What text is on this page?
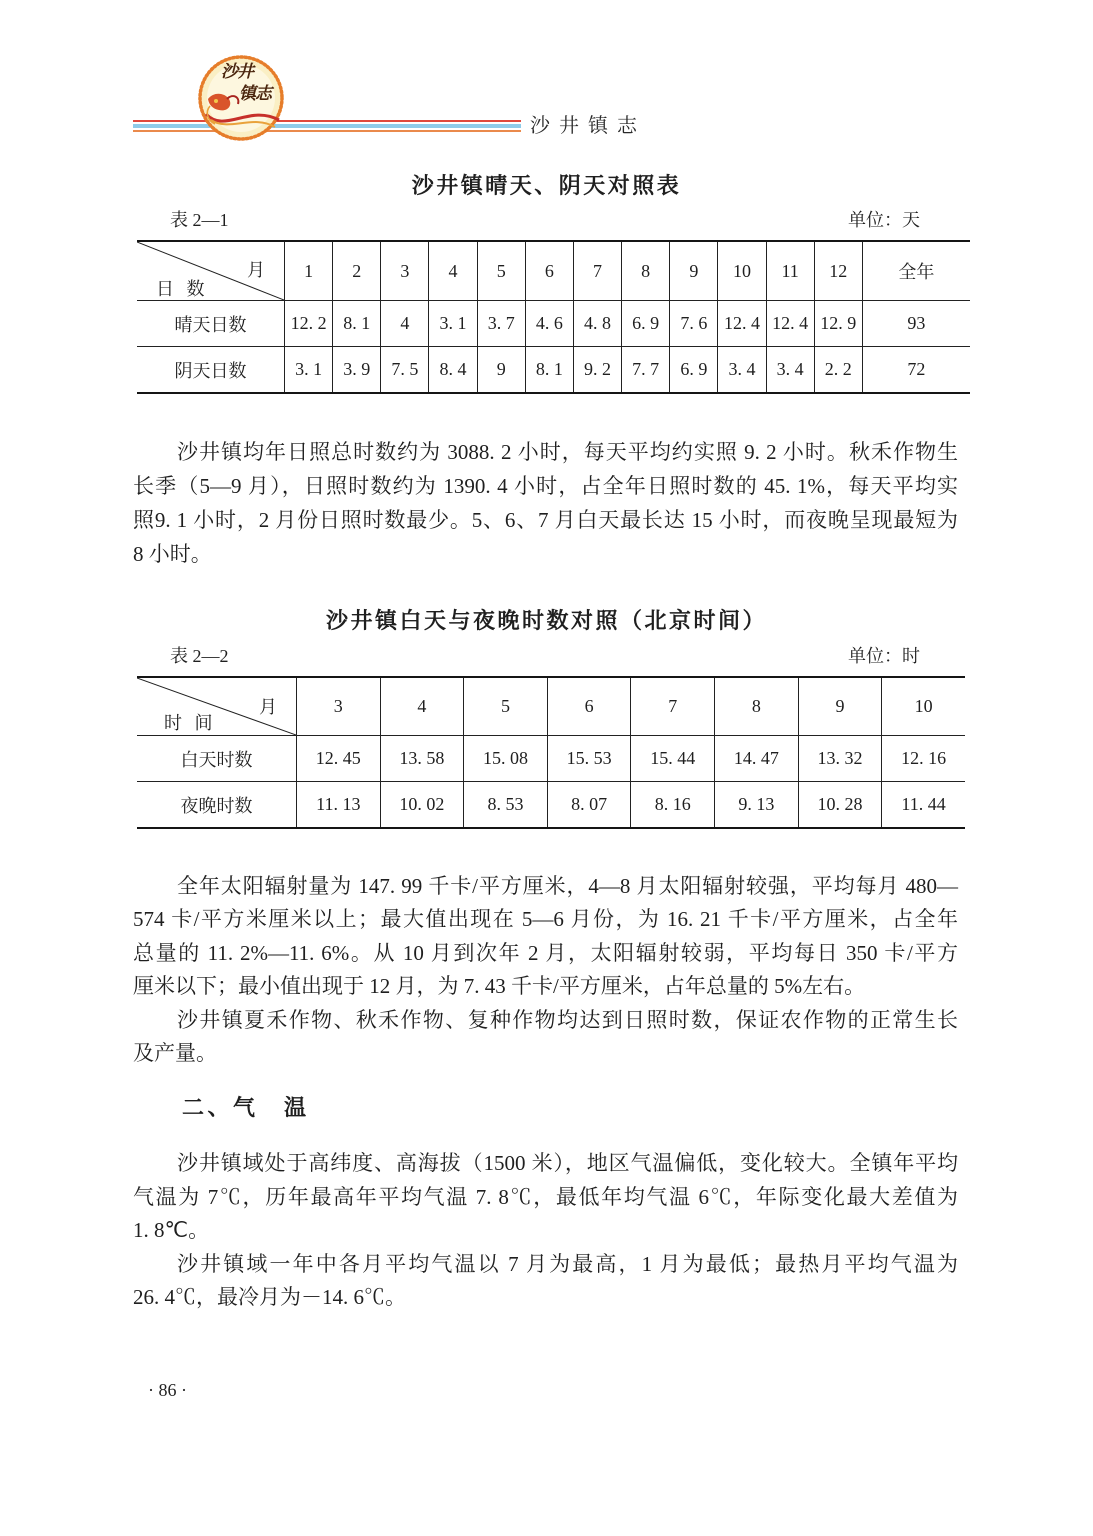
沙井
镇志
沙井镇志
沙井镇晴天、阴天对照表
表 2—1	单位：天
月
日 数	1	2	3	4	5	6	7	8	9	10	11	12	全年
晴天日数	12. 2	8. 1	4	3. 1	3. 7	4. 6	4. 8	6. 9	7. 6	12. 4	12. 4	12. 9	93
阴天日数	3. 1	3. 9	7. 5	8. 4	9	8. 1	9. 2	7. 7	6. 9	3. 4	3. 4	2. 2	72
沙井镇均年日照总时数约为 3088. 2 小时，每天平均约实照 9. 2 小时。秋禾作物生
长季（5—9 月），日照时数约为 1390. 4 小时，占全年日照时数的 45. 1%，每天平均实
照9. 1 小时，2 月份日照时数最少。5、6、7 月白天最长达 15 小时，而夜晚呈现最短为
8 小时。
沙井镇白天与夜晚时数对照（北京时间）
表 2—2	单位：时
月
时 间	3	4	5	6	7	8	9	10
白天时数	12. 45	13. 58	15. 08	15. 53	15. 44	14. 47	13. 32	12. 16
夜晚时数	11. 13	10. 02	8. 53	8. 07	8. 16	9. 13	10. 28	11. 44
全年太阳辐射量为 147. 99 千卡/平方厘米，4—8 月太阳辐射较强，平均每月 480—
574 卡/平方米厘米以上；最大值出现在 5—6 月份，为 16. 21 千卡/平方厘米，占全年
总量的 11. 2%—11. 6%。从 10 月到次年 2 月，太阳辐射较弱，平均每日 350 卡/平方
厘米以下；最小值出现于 12 月，为 7. 43 千卡/平方厘米，占年总量的 5%左右。
沙井镇夏禾作物、秋禾作物、复种作物均达到日照时数，保证农作物的正常生长
及产量。
二、气　温
沙井镇域处于高纬度、高海拔（1500 米），地区气温偏低，变化较大。全镇年平均
气温为 7℃，历年最高年平均气温 7. 8℃，最低年均气温 6℃，年际变化最大差值为
1. 8℃。
沙井镇域一年中各月平均气温以 7 月为最高，1 月为最低；最热月平均气温为
26. 4℃，最冷月为－14. 6℃。
· 86 ·
